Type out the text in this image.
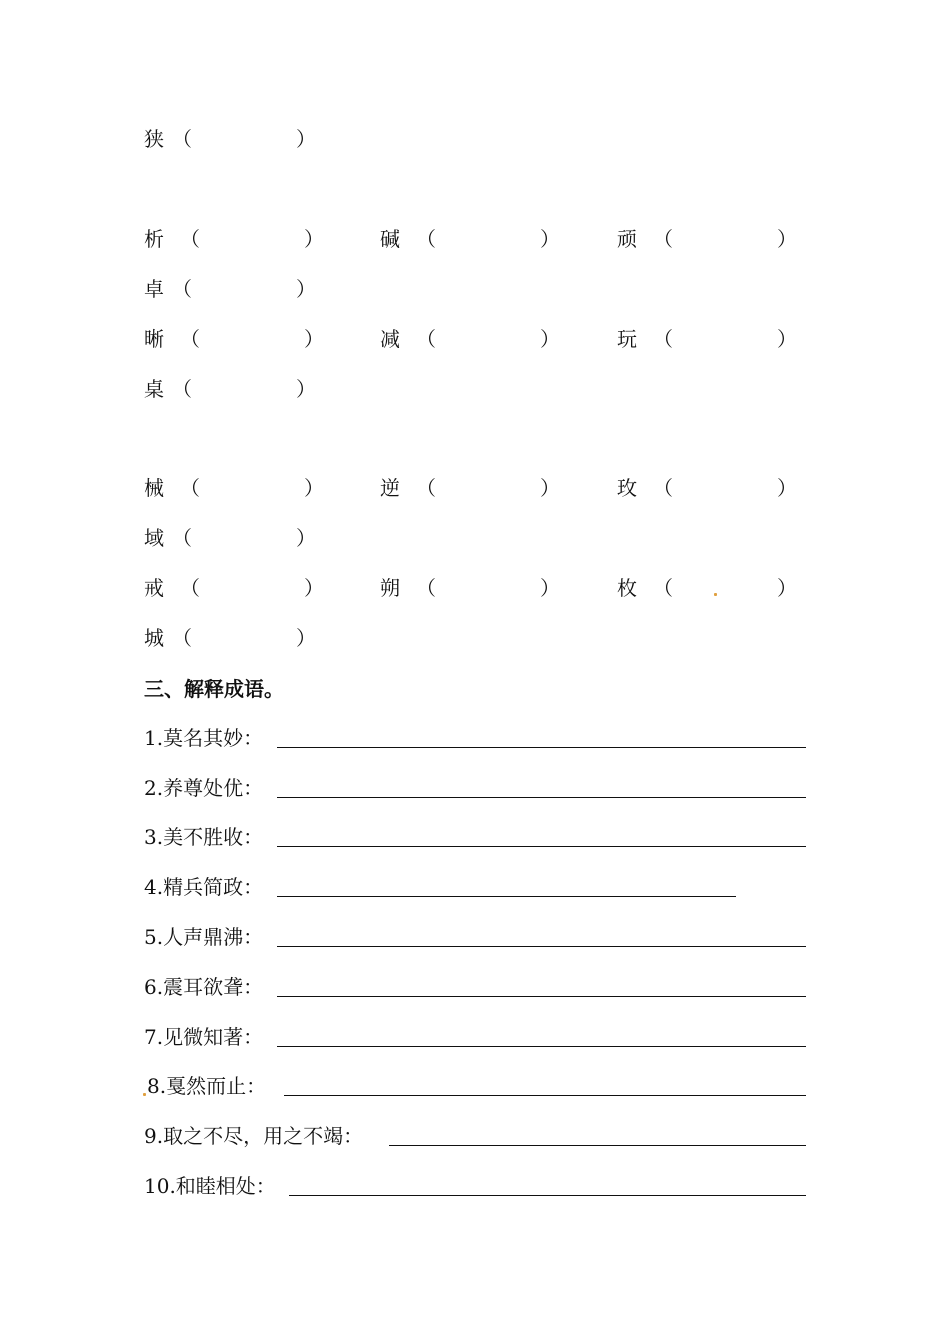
狭 （	）
析 （	）	碱 （	）	顽 （	）
卓 （	）
晰 （	）	减 （	）	玩 （	）
桌 （	）
械 （	）	逆 （	）	玫 （	）
域 （	）
戒 （	）	朔 （	）	枚 （	）
城 （	）
三、解释成语。
1.莫名其妙：
2.养尊处优：
3.美不胜收：
4.精兵简政：
5.人声鼎沸：
6.震耳欲聋：
7.见微知著：
8.戛然而止：
9.取之不尽，用之不竭：
10.和睦相处：
